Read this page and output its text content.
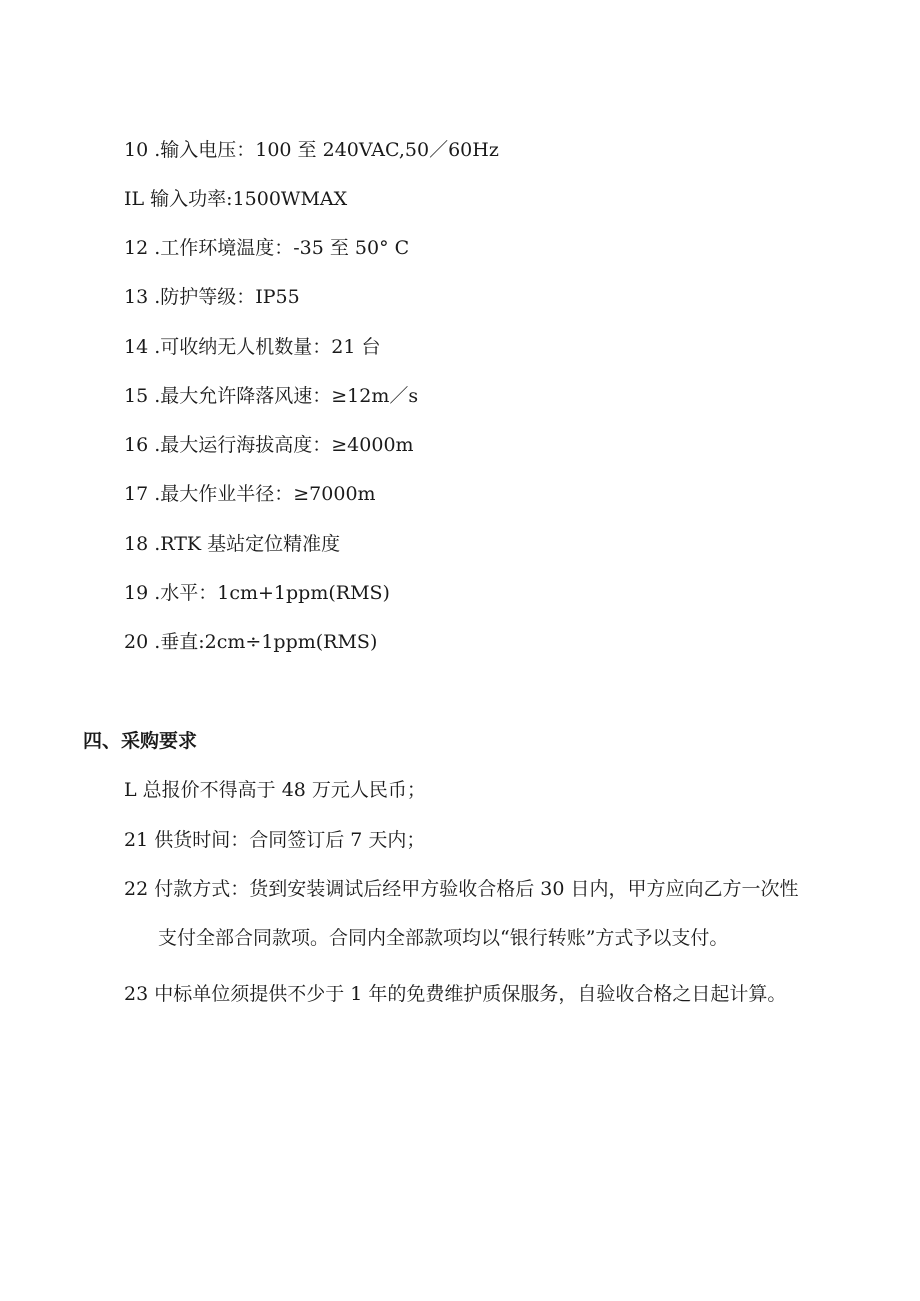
10 .输入电压：100 至 240VAC,50／60Hz
IL 输入功率:1500WMAX
12 .工作环境温度：-35 至 50° C
13 .防护等级：IP55
14 .可收纳无人机数量：21 台
15 .最大允许降落风速：≥12m／s
16 .最大运行海拔高度：≥4000m
17 .最大作业半径：≥7000m
18 .RTK 基站定位精准度
19 .水平：1cm+1ppm(RMS)
20 .垂直:2cm÷1ppm(RMS)
四、采购要求
L 总报价不得高于 48 万元人民币；
21 供货时间：合同签订后 7 天内；
22 付款方式：货到安装调试后经甲方验收合格后 30 日内，甲方应向乙方一次性
支付全部合同款项。合同内全部款项均以“银行转账”方式予以支付。
23 中标单位须提供不少于 1 年的免费维护质保服务，自验收合格之日起计算。
